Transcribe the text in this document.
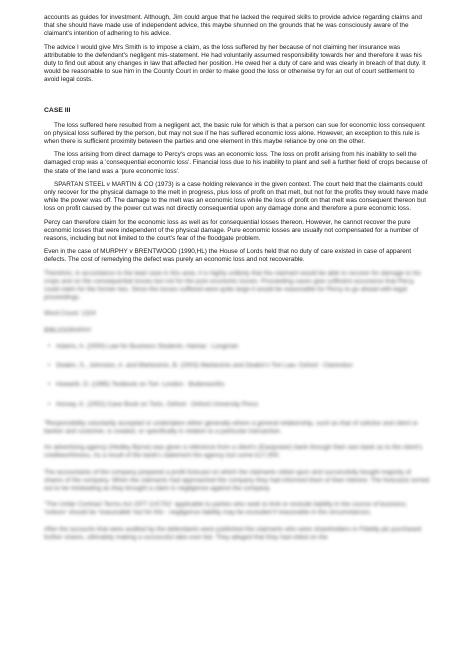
accounts as guides for investment. Although, Jim could argue that he lacked the required skills to provide advice regarding claims and that she should have made use of independent advice, this maybe shunned on the grounds that he was consciously aware of the claimant's intention of adhering to his advice.

The advice I would give Mrs Smith is to impose a claim, as the loss suffered by her because of not claiming her insurance was attributable to the defendant's negligent mis-statement. He had voluntarily assumed responsibility towards her and therefore it was his duty to find out about any changes in law that affected her position. He owed her a duty of care and was clearly in breach of that duty. It would be reasonable to sue him in the County Court in order to make good the loss or otherwise try for an out of court settlement to avoid legal costs.

CASE III

The loss suffered here resulted from a negligent act, the basic rule for which is that a person can sue for economic loss consequent on physical loss suffered by the person, but may not sue if he has suffered economic loss alone. However, an exception to this rule is when there is sufficient proximity between the parties and one element in this maybe reliance by one on the other.

The loss arising from direct damage to Percy's crops was an economic loss. The loss on profit arising from his inability to sell the damaged crop was a 'consequential economic loss'. Financial loss due to his inability to plant and sell a further field of crops because of the state of the land was a 'pure economic loss'.

SPARTAN STEEL v MARTIN & CO (1973) is a case holding relevance in the given context. The court held that the claimants could only recover for the physical damage to the melt in progress, plus loss of profit on that melt, but not for the profits they would have made while the power was off. The damage to the melt was an economic loss while the loss of profit on that melt was consequent thereon but loss on profit caused by the power cut was not directly consequential upon any damage done and therefore a pure economic loss.

Percy can therefore claim for the economic loss as well as for consequential losses thereon. However, he cannot recover the pure economic losses that were independent of the physical damage. Pure economic losses are usually not compensated for a number of reasons, including but not limited to the court's fear of the floodgate problem.

Even in the case of MURPHY v BRENTWOOD (1990,HL) the House of Lords held that no duty of care existed in case of apparent defects. The cost of remedying the defect was purely an economic loss and not recoverable.

Therefore, in accordance to the lead case in this area, it is highly unlikely that the claimant would be able to recover for damage to his crops and on the consequential losses but not for the pure economic losses. Proceeding cases give sufficient assurance that Percy could claim for the former two. Since the losses suffered were quite large it would be reasonable for Percy to go ahead with legal proceedings.

Word Count: 1324

BIBLIOGRAPHY

• Adams, A. (2000) Law for Business Students. Harlow : Longman
• Deakin, S., Johnston, A. and Markesinis, B. (2003) Markesinis and Deakin's Tort Law. Oxford : Clarendon
• Howarth, D. (1995) Textbook on Tort. London : Butterworths
• Horsey, K. (2002) Case Book on Torts. Oxford : Oxford University Press

"Responsibility voluntarily accepted or undertaken either generally where a general relationship, such as that of solicitor and client or banker and customer, is created, or specifically in relation to a particular transaction.

An advertising agency (Hedley Byrne) was given a reference from a client's (Easipower) bank through their own bank as to the client's creditworthiness. As a result of the bank's statement the agency lost some £17,000.

The accountants of the company prepared a profit forecast on which the claimants relied upon and successfully bought majority of shares of the company. When the claimants had approached the company they had informed them of their interest. The forecasts turned out to be misleading as they brought a claim in negligence against the company.

"The Unfair Contract Terms Act 1977 (UCTA)" applicable to parties who seek to limit or exclude liability in the course of business; 'notices' should be 'reasonable' but for this - negligence liability may be excluded if reasonable in the circumstances.

After the accounts that were audited by the defendants were published the claimants who were shareholders in Fidelity plc purchased further shares, ultimately making a successful take-over bid. They alleged that they had relied on the
